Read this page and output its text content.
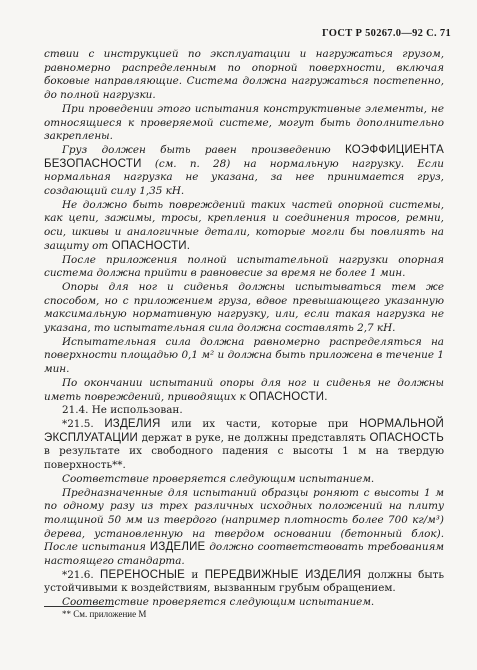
ГОСТ Р 50267.0—92 С. 71

ствии с инструкцией по эксплуатации и нагружаться грузом, равномерно распределенным по опорной поверхности, включая боковые направляющие. Система должна нагружаться постепенно, до полной нагрузки.

При проведении этого испытания конструктивные элементы, не относящиеся к проверяемой системе, могут быть дополнительно закреплены.

Груз должен быть равен произведению КОЭФФИЦИЕНТА БЕЗОПАСНОСТИ (см. п. 28) на нормальную нагрузку. Если нормальная нагрузка не указана, за нее принимается груз, создающий силу 1,35 кН.

Не должно быть повреждений таких частей опорной системы, как цепи, зажимы, тросы, крепления и соединения тросов, ремни, оси, шкивы и аналогичные детали, которые могли бы повлиять на защиту от ОПАСНОСТИ.

После приложения полной испытательной нагрузки опорная система должна прийти в равновесие за время не более 1 мин.

Опоры для ног и сиденья должны испытываться тем же способом, но с приложением груза, вдвое превышающего указанную максимальную нормативную нагрузку, или, если такая нагрузка не указана, то испытательная сила должна составлять 2,7 кН.

Испытательная сила должна равномерно распределяться на поверхности площадью 0,1 м² и должна быть приложена в течение 1 мин.

По окончании испытаний опоры для ног и сиденья не должны иметь повреждений, приводящих к ОПАСНОСТИ.

21.4. Не использован.

*21.5. ИЗДЕЛИЯ или их части, которые при НОРМАЛЬНОЙ ЭКСПЛУАТАЦИИ держат в руке, не должны представлять ОПАСНОСТЬ в результате их свободного падения с высоты 1 м на твердую поверхность**.

Соответствие проверяется следующим испытанием.

Предназначенные для испытаний образцы роняют с высоты 1 м по одному разу из трех различных исходных положений на плиту толщиной 50 мм из твердого (например плотность более 700 кг/м³) дерева, установленную на твердом основании (бетонный блок). После испытания ИЗДЕЛИЕ должно соответствовать требованиям настоящего стандарта.

*21.6. ПЕРЕНОСНЫЕ и ПЕРЕДВИЖНЫЕ ИЗДЕЛИЯ должны быть устойчивыми к воздействиям, вызванным грубым обращением.

Соответствие проверяется следующим испытанием.

** См. приложение М
